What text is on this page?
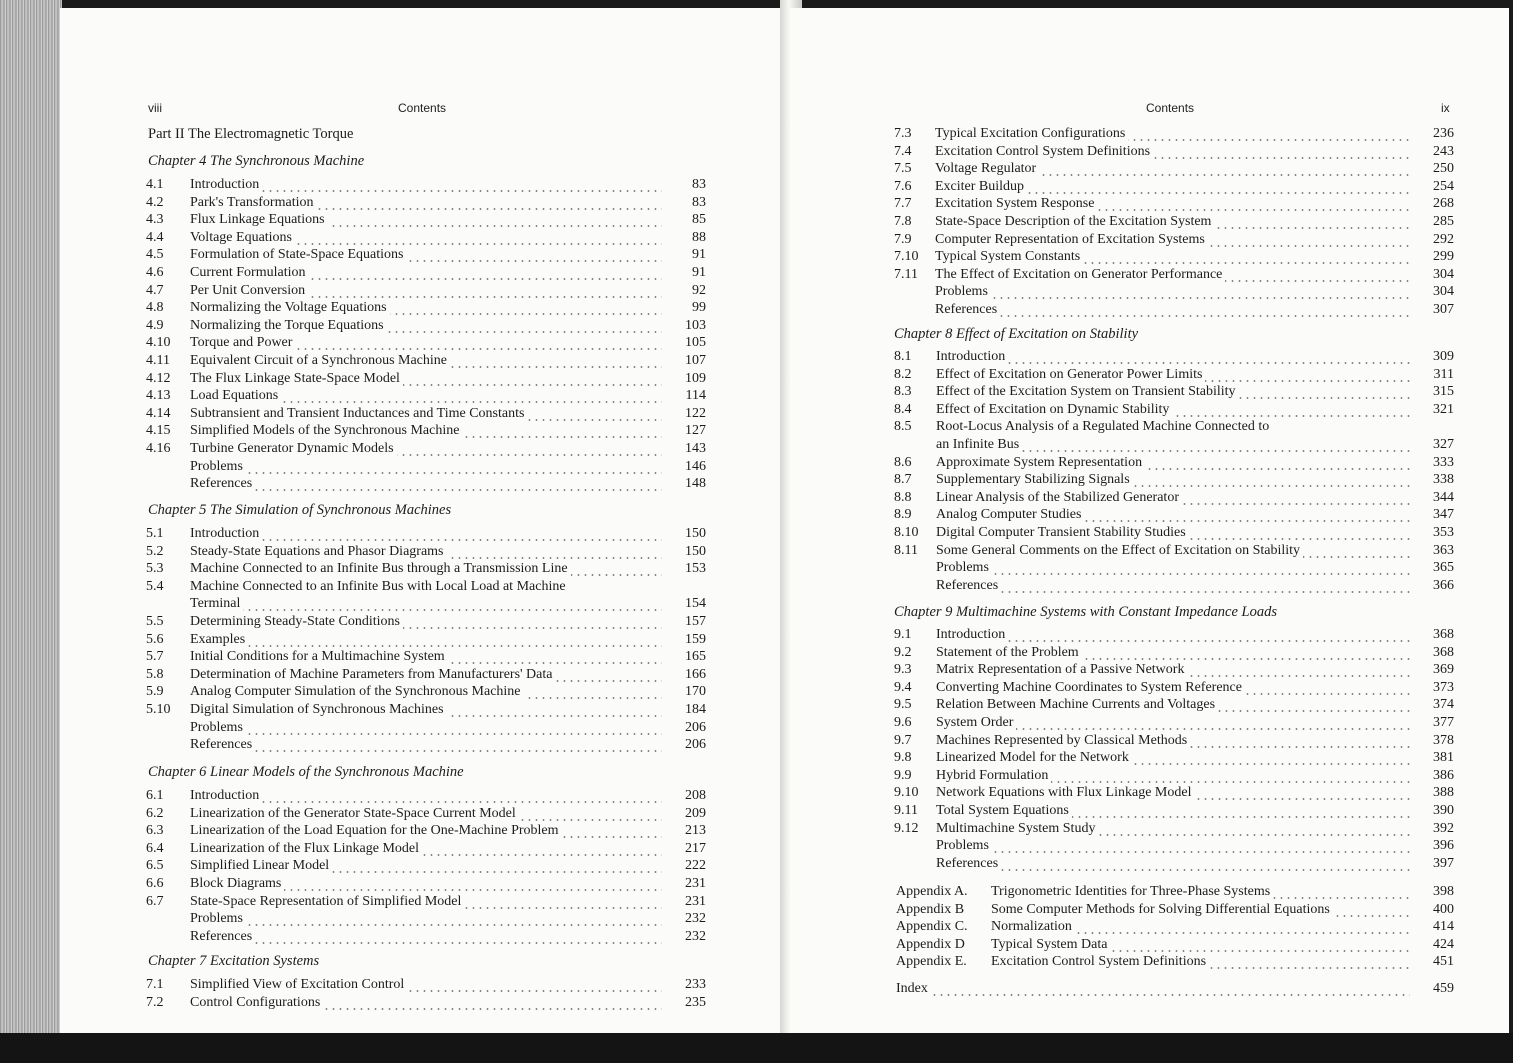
viii	Contents
Part II The Electromagnetic Torque
Chapter 4 The Synchronous Machine
4.1 Introduction	83
4.2 Park's Transformation	83
4.3 Flux Linkage Equations	85
4.4 Voltage Equations	88
4.5 Formulation of State-Space Equations	91
4.6 Current Formulation	91
4.7 Per Unit Conversion	92
4.8 Normalizing the Voltage Equations	99
4.9 Normalizing the Torque Equations	103
4.10 Torque and Power	105
4.11 Equivalent Circuit of a Synchronous Machine	107
4.12 The Flux Linkage State-Space Model	109
4.13 Load Equations	114
4.14 Subtransient and Transient Inductances and Time Constants	122
4.15 Simplified Models of the Synchronous Machine	127
4.16 Turbine Generator Dynamic Models	143
Problems	146
References	148
Chapter 5 The Simulation of Synchronous Machines
5.1 Introduction	150
5.2 Steady-State Equations and Phasor Diagrams	150
5.3 Machine Connected to an Infinite Bus through a Transmission Line	153
5.4 Machine Connected to an Infinite Bus with Local Load at Machine
Terminal	154
5.5 Determining Steady-State Conditions	157
5.6 Examples	159
5.7 Initial Conditions for a Multimachine System	165
5.8 Determination of Machine Parameters from Manufacturers' Data	166
5.9 Analog Computer Simulation of the Synchronous Machine	170
5.10 Digital Simulation of Synchronous Machines	184
Problems	206
References	206
Chapter 6 Linear Models of the Synchronous Machine
6.1 Introduction	208
6.2 Linearization of the Generator State-Space Current Model	209
6.3 Linearization of the Load Equation for the One-Machine Problem	213
6.4 Linearization of the Flux Linkage Model	217
6.5 Simplified Linear Model	222
6.6 Block Diagrams	231
6.7 State-Space Representation of Simplified Model	231
Problems	232
References	232
Chapter 7 Excitation Systems
7.1 Simplified View of Excitation Control	233
7.2 Control Configurations	235
Contents	ix
7.3 Typical Excitation Configurations	236
7.4 Excitation Control System Definitions	243
7.5 Voltage Regulator	250
7.6 Exciter Buildup	254
7.7 Excitation System Response	268
7.8 State-Space Description of the Excitation System	285
7.9 Computer Representation of Excitation Systems	292
7.10 Typical System Constants	299
7.11 The Effect of Excitation on Generator Performance	304
Problems	304
References	307
Chapter 8 Effect of Excitation on Stability
8.1 Introduction	309
8.2 Effect of Excitation on Generator Power Limits	311
8.3 Effect of the Excitation System on Transient Stability	315
8.4 Effect of Excitation on Dynamic Stability	321
8.5 Root-Locus Analysis of a Regulated Machine Connected to
an Infinite Bus	327
8.6 Approximate System Representation	333
8.7 Supplementary Stabilizing Signals	338
8.8 Linear Analysis of the Stabilized Generator	344
8.9 Analog Computer Studies	347
8.10 Digital Computer Transient Stability Studies	353
8.11 Some General Comments on the Effect of Excitation on Stability	363
Problems	365
References	366
Chapter 9 Multimachine Systems with Constant Impedance Loads
9.1 Introduction	368
9.2 Statement of the Problem	368
9.3 Matrix Representation of a Passive Network	369
9.4 Converting Machine Coordinates to System Reference	373
9.5 Relation Between Machine Currents and Voltages	374
9.6 System Order	377
9.7 Machines Represented by Classical Methods	378
9.8 Linearized Model for the Network	381
9.9 Hybrid Formulation	386
9.10 Network Equations with Flux Linkage Model	388
9.11 Total System Equations	390
9.12 Multimachine System Study	392
Problems	396
References	397
Appendix A. Trigonometric Identities for Three-Phase Systems	398
Appendix B Some Computer Methods for Solving Differential Equations	400
Appendix C. Normalization	414
Appendix D Typical System Data	424
Appendix E. Excitation Control System Definitions	451
Index	459
